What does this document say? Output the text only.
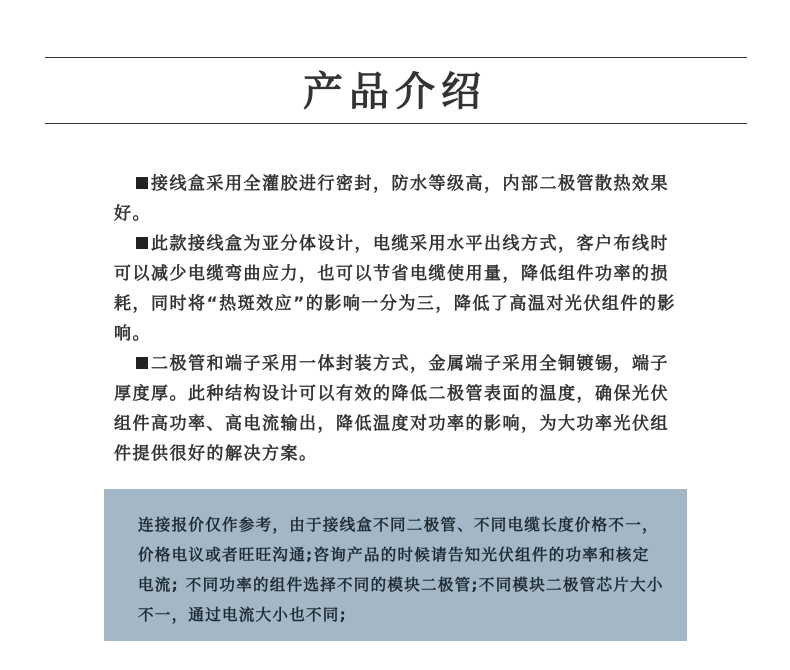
产品介绍

接线盒采用全灌胶进行密封，防水等级高，内部二极管散热效果好。

此款接线盒为亚分体设计，电缆采用水平出线方式，客户布线时可以减少电缆弯曲应力，也可以节省电缆使用量，降低组件功率的损耗，同时将“热斑效应”的影响一分为三，降低了高温对光伏组件的影响。

二极管和端子采用一体封装方式，金属端子采用全铜镀锡，端子厚度厚。此种结构设计可以有效的降低二极管表面的温度，确保光伏组件高功率、高电流输出，降低温度对功率的影响，为大功率光伏组件提供很好的解决方案。

连接报价仅作参考，由于接线盒不同二极管、不同电缆长度价格不一，价格电议或者旺旺沟通;咨询产品的时候请告知光伏组件的功率和核定电流; 不同功率的组件选择不同的模块二极管;不同模块二极管芯片大小不一，通过电流大小也不同;
